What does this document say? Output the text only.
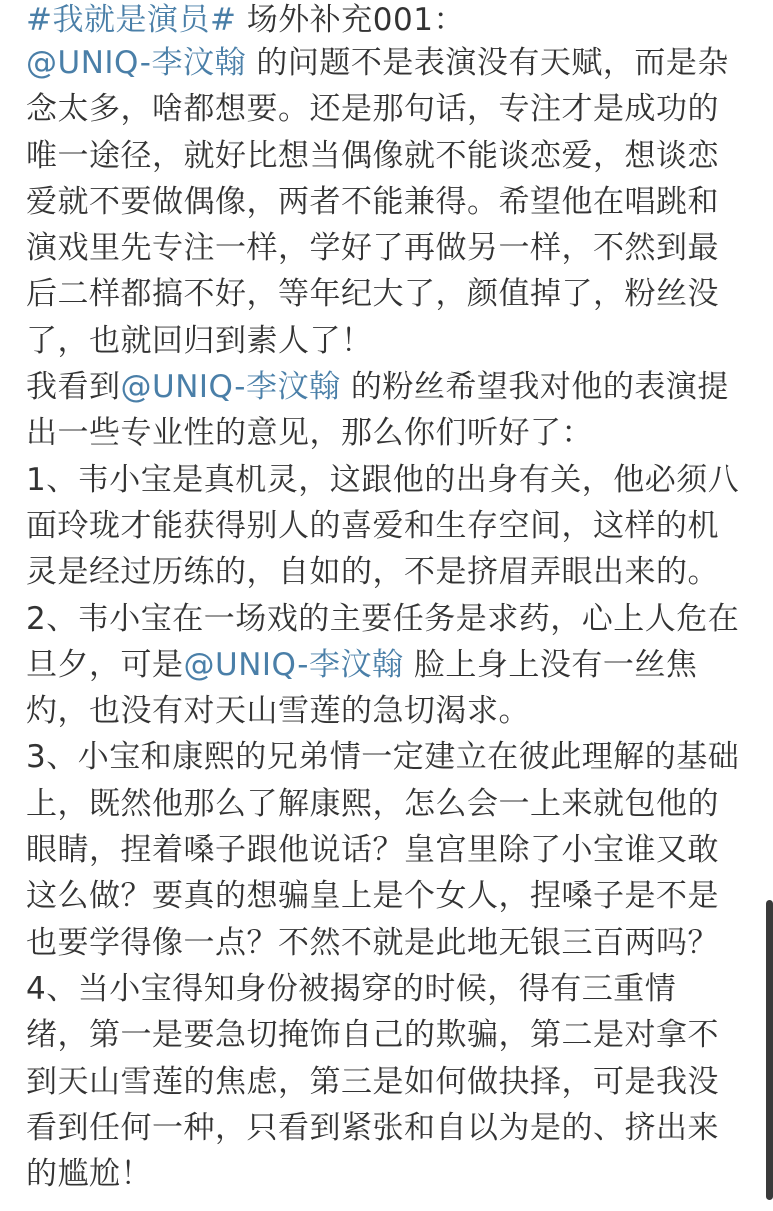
#我就是演员# 场外补充001：
@UNIQ-李汶翰 的问题不是表演没有天赋，而是杂
念太多，啥都想要。还是那句话，专注才是成功的
唯一途径，就好比想当偶像就不能谈恋爱，想谈恋
爱就不要做偶像，两者不能兼得。希望他在唱跳和
演戏里先专注一样，学好了再做另一样，不然到最
后二样都搞不好，等年纪大了，颜值掉了，粉丝没
了，也就回归到素人了！
我看到@UNIQ-李汶翰 的粉丝希望我对他的表演提
出一些专业性的意见，那么你们听好了：
1、韦小宝是真机灵，这跟他的出身有关，他必须八
面玲珑才能获得别人的喜爱和生存空间，这样的机
灵是经过历练的，自如的，不是挤眉弄眼出来的。
2、韦小宝在一场戏的主要任务是求药，心上人危在
旦夕，可是@UNIQ-李汶翰 脸上身上没有一丝焦
灼，也没有对天山雪莲的急切渴求。
3、小宝和康熙的兄弟情一定建立在彼此理解的基础
上，既然他那么了解康熙，怎么会一上来就包他的
眼睛，捏着嗓子跟他说话？皇宫里除了小宝谁又敢
这么做？要真的想骗皇上是个女人，捏嗓子是不是
也要学得像一点？不然不就是此地无银三百两吗？
4、当小宝得知身份被揭穿的时候，得有三重情
绪，第一是要急切掩饰自己的欺骗，第二是对拿不
到天山雪莲的焦虑，第三是如何做抉择，可是我没
看到任何一种，只看到紧张和自以为是的、挤出来
的尴尬！
